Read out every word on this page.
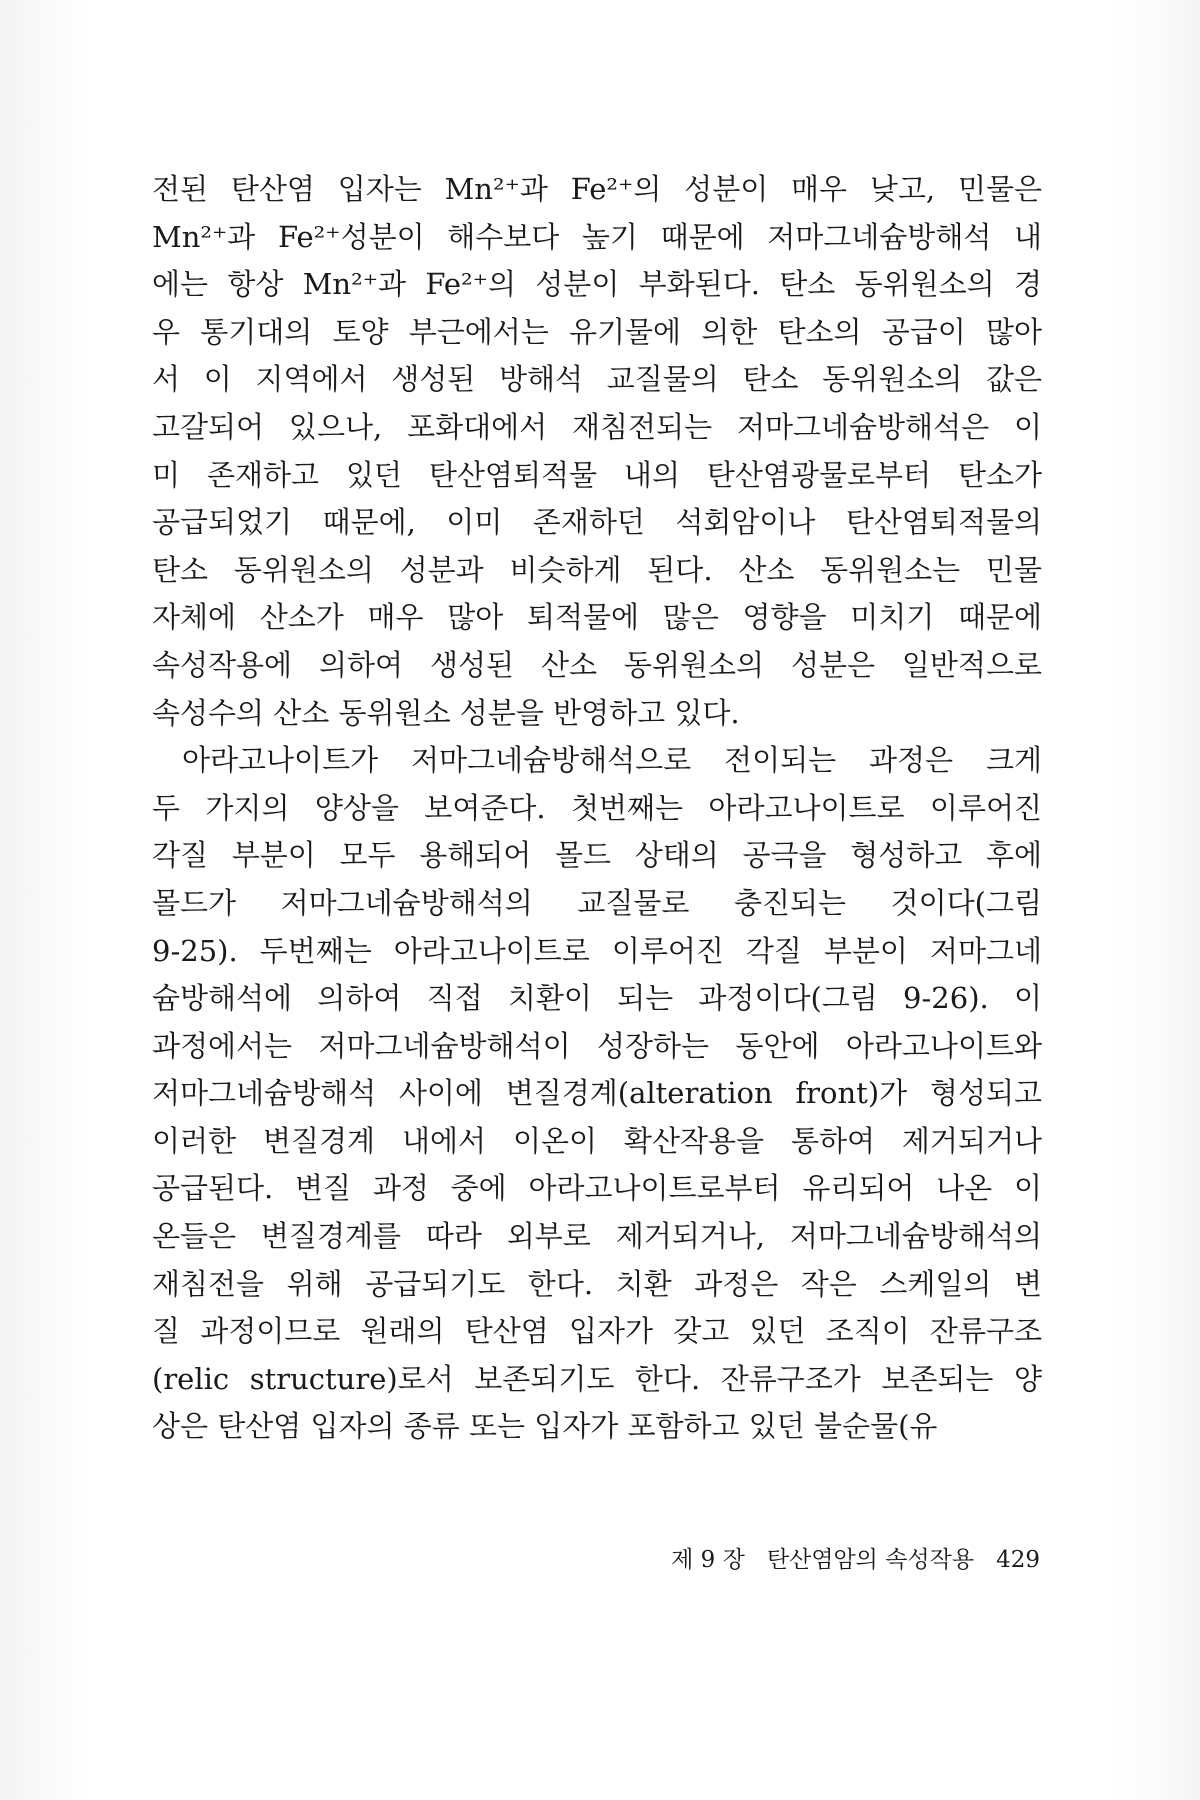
전된 탄산염 입자는 Mn²⁺과 Fe²⁺의 성분이 매우 낮고, 민물은
Mn²⁺과 Fe²⁺성분이 해수보다 높기 때문에 저마그네슘방해석 내
에는 항상 Mn²⁺과 Fe²⁺의 성분이 부화된다. 탄소 동위원소의 경
우 통기대의 토양 부근에서는 유기물에 의한 탄소의 공급이 많아
서 이 지역에서 생성된 방해석 교질물의 탄소 동위원소의 값은
고갈되어 있으나, 포화대에서 재침전되는 저마그네슘방해석은 이
미 존재하고 있던 탄산염퇴적물 내의 탄산염광물로부터 탄소가
공급되었기 때문에, 이미 존재하던 석회암이나 탄산염퇴적물의
탄소 동위원소의 성분과 비슷하게 된다. 산소 동위원소는 민물
자체에 산소가 매우 많아 퇴적물에 많은 영향을 미치기 때문에
속성작용에 의하여 생성된 산소 동위원소의 성분은 일반적으로
속성수의 산소 동위원소 성분을 반영하고 있다.
아라고나이트가 저마그네슘방해석으로 전이되는 과정은 크게
두 가지의 양상을 보여준다. 첫번째는 아라고나이트로 이루어진
각질 부분이 모두 용해되어 몰드 상태의 공극을 형성하고 후에
몰드가 저마그네슘방해석의 교질물로 충진되는 것이다(그림
9-25). 두번째는 아라고나이트로 이루어진 각질 부분이 저마그네
슘방해석에 의하여 직접 치환이 되는 과정이다(그림 9-26). 이
과정에서는 저마그네슘방해석이 성장하는 동안에 아라고나이트와
저마그네슘방해석 사이에 변질경계(alteration front)가 형성되고
이러한 변질경계 내에서 이온이 확산작용을 통하여 제거되거나
공급된다. 변질 과정 중에 아라고나이트로부터 유리되어 나온 이
온들은 변질경계를 따라 외부로 제거되거나, 저마그네슘방해석의
재침전을 위해 공급되기도 한다. 치환 과정은 작은 스케일의 변
질 과정이므로 원래의 탄산염 입자가 갖고 있던 조직이 잔류구조
(relic structure)로서 보존되기도 한다. 잔류구조가 보존되는 양
상은 탄산염 입자의 종류 또는 입자가 포함하고 있던 불순물(유
제 9 장 탄산염암의 속성작용 429
